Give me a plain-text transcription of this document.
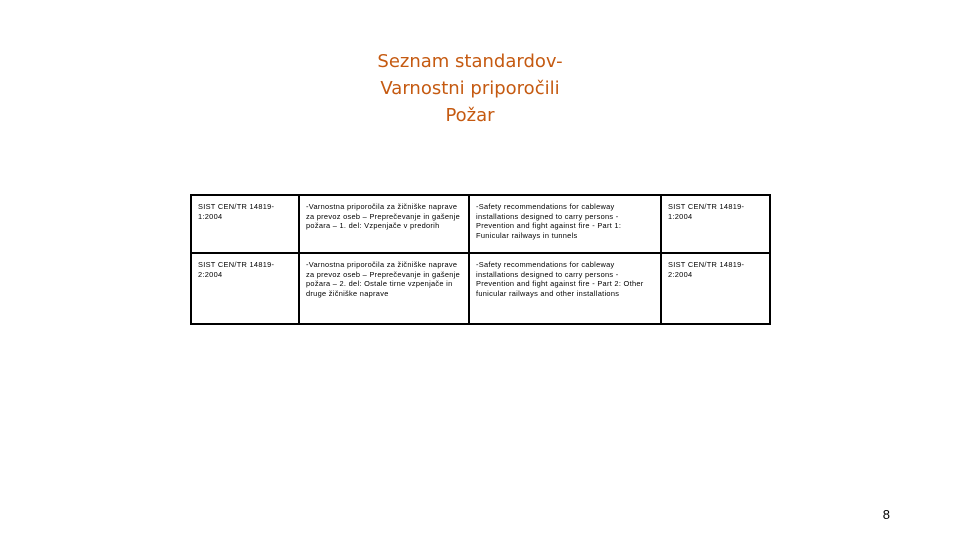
Seznam standardov-
Varnostni priporočili
Požar
SIST CEN/TR 14819-1:2004	-Varnostna priporočila za žičniške naprave za prevoz oseb – Preprečevanje in gašenje požara – 1. del: Vzpenjače v predorih	-Safety recommendations for cableway installations designed to carry persons - Prevention and fight against fire - Part 1: Funicular railways in tunnels	SIST CEN/TR 14819-1:2004
SIST CEN/TR 14819-2:2004	-Varnostna priporočila za žičniške naprave za prevoz oseb – Preprečevanje in gašenje požara – 2. del: Ostale tirne vzpenjače in druge žičniške naprave	-Safety recommendations for cableway installations designed to carry persons - Prevention and fight against fire - Part 2: Other funicular railways and other installations	SIST CEN/TR 14819-2:2004
8
